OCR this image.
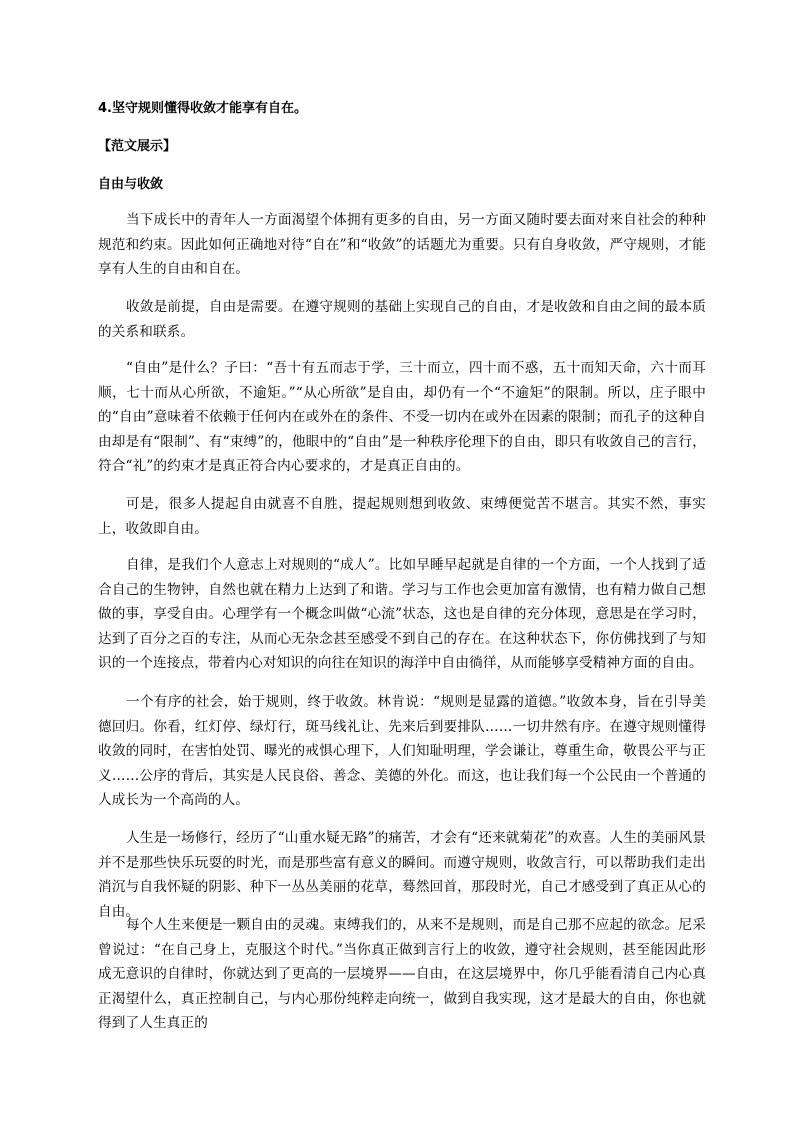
4.坚守规则懂得收敛才能享有自在。
【范文展示】
自由与收敛

当下成长中的青年人一方面渴望个体拥有更多的自由，另一方面又随时要去面对来自社会的种种规范和约束。因此如何正确地对待“自在”和“收敛”的话题尤为重要。只有自身收敛，严守规则，才能享有人生的自由和自在。

收敛是前提，自由是需要。在遵守规则的基础上实现自己的自由，才是收敛和自由之间的最本质的关系和联系。

“自由”是什么？子曰：“吾十有五而志于学，三十而立，四十而不惑，五十而知天命，六十而耳顺，七十而从心所欲，不逾矩。”“从心所欲”是自由，却仍有一个“不逾矩”的限制。所以，庄子眼中的“自由”意味着不依赖于任何内在或外在的条件、不受一切内在或外在因素的限制；而孔子的这种自由却是有“限制”、有“束缚”的，他眼中的“自由”是一种秩序伦理下的自由，即只有收敛自己的言行，符合“礼”的约束才是真正符合内心要求的，才是真正自由的。

可是，很多人提起自由就喜不自胜，提起规则想到收敛、束缚便觉苦不堪言。其实不然，事实上，收敛即自由。

自律，是我们个人意志上对规则的“成人”。比如早睡早起就是自律的一个方面，一个人找到了适合自己的生物钟，自然也就在精力上达到了和谐。学习与工作也会更加富有激情，也有精力做自己想做的事，享受自由。心理学有一个概念叫做“心流”状态，这也是自律的充分体现，意思是在学习时，达到了百分之百的专注，从而心无杂念甚至感受不到自己的存在。在这种状态下，你仿佛找到了与知识的一个连接点，带着内心对知识的向往在知识的海洋中自由徜徉，从而能够享受精神方面的自由。

一个有序的社会，始于规则，终于收敛。林肯说：“规则是显露的道德。”收敛本身，旨在引导美德回归。你看，红灯停、绿灯行，斑马线礼让、先来后到要排队……一切井然有序。在遵守规则懂得收敛的同时，在害怕处罚、曝光的戒惧心理下，人们知耻明理，学会谦让，尊重生命，敬畏公平与正义……公序的背后，其实是人民良俗、善念、美德的外化。而这，也让我们每一个公民由一个普通的人成长为一个高尚的人。

人生是一场修行，经历了“山重水疑无路”的痛苦，才会有“还来就菊花”的欢喜。人生的美丽风景并不是那些快乐玩耍的时光，而是那些富有意义的瞬间。而遵守规则，收敛言行，可以帮助我们走出消沉与自我怀疑的阴影、种下一丛丛美丽的花草，蓦然回首，那段时光，自己才感受到了真正从心的自由。

每个人生来便是一颗自由的灵魂。束缚我们的，从来不是规则，而是自己那不应起的欲念。尼采曾说过：“在自己身上，克服这个时代。”当你真正做到言行上的收敛，遵守社会规则，甚至能因此形成无意识的自律时，你就达到了更高的一层境界——自由，在这层境界中，你几乎能看清自己内心真正渴望什么，真正控制自己，与内心那份纯粹走向统一，做到自我实现，这才是最大的自由，你也就得到了人生真正的
